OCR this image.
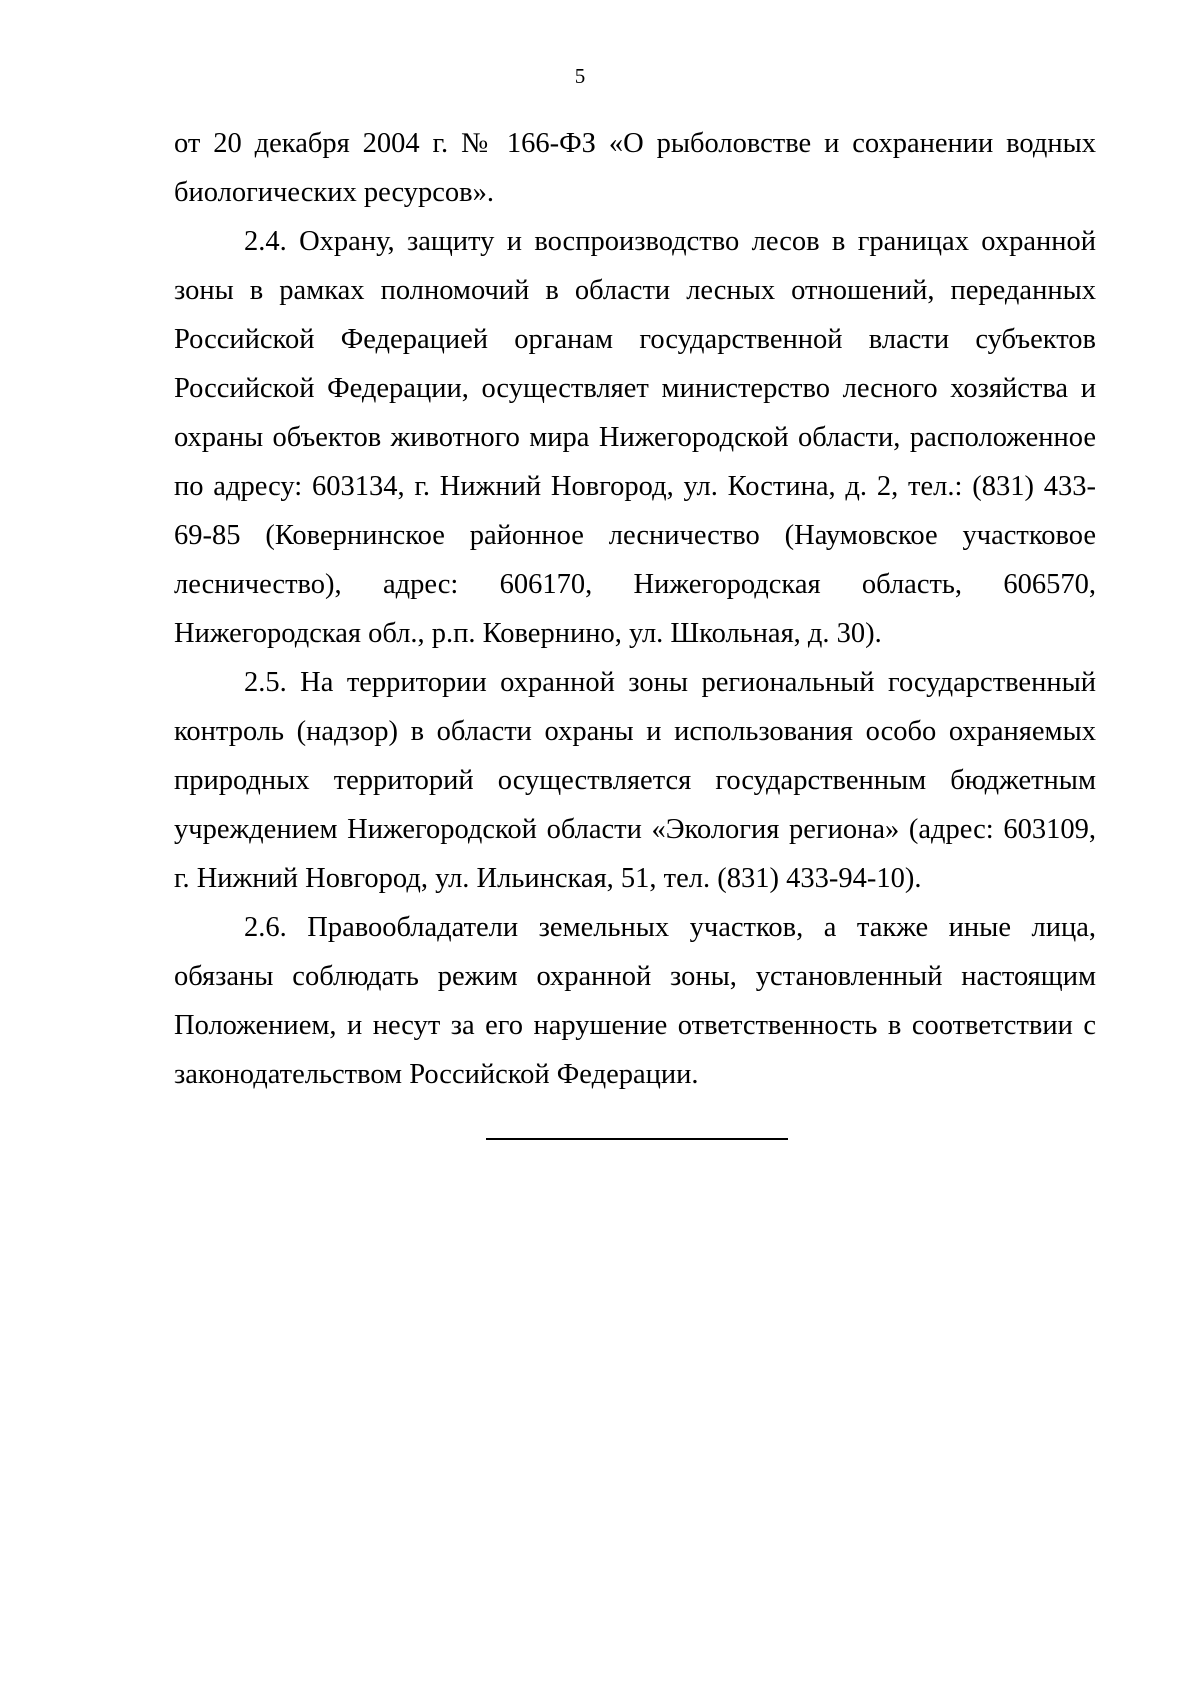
5

от 20 декабря 2004 г. № 166-ФЗ «О рыболовстве и сохранении водных биологических ресурсов».

2.4. Охрану, защиту и воспроизводство лесов в границах охранной зоны в рамках полномочий в области лесных отношений, переданных Российской Федерацией органам государственной власти субъектов Российской Федерации, осуществляет министерство лесного хозяйства и охраны объектов животного мира Нижегородской области, расположенное по адресу: 603134, г. Нижний Новгород, ул. Костина, д. 2, тел.: (831) 433-69-85 (Ковернинское районное лесничество (Наумовское участковое лесничество), адрес: 606170, Нижегородская область, 606570, Нижегородская обл., р.п. Ковернино, ул. Школьная, д. 30).

2.5. На территории охранной зоны региональный государственный контроль (надзор) в области охраны и использования особо охраняемых природных территорий осуществляется государственным бюджетным учреждением Нижегородской области «Экология региона» (адрес: 603109, г. Нижний Новгород, ул. Ильинская, 51, тел. (831) 433-94-10).

2.6. Правообладатели земельных участков, а также иные лица, обязаны соблюдать режим охранной зоны, установленный настоящим Положением, и несут за его нарушение ответственность в соответствии с законодательством Российской Федерации.
